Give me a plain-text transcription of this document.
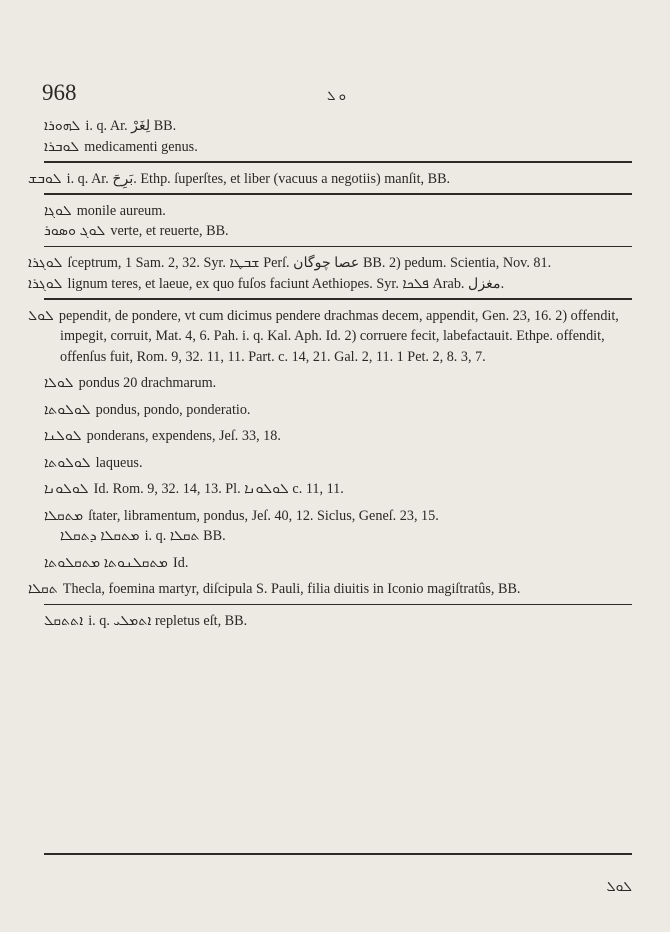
968	ܘ ܠ

ܠܗܘܪܐ i. q. Ar. لِغَرْ BB.

ܠܘܒܪܐ medicamenti genus.

ܠܘܒܫ i. q. Ar. بَرِحَ. Ethp. ſuperſtes, et liber (vacuus a negotiis) manſit, BB.

ܠܘܓܐ monile aureum.

ܠܘܓ ܘܣܘܪ verte, et reuerte, BB.

ܠܘܓܪܐ ſceptrum, 1 Sam. 2, 32. Syr. ܫܒܛܐ Perſ. عصا چوگان BB. 2) pedum. Scientia, Nov. 81.

ܠܘܓܪܐ lignum teres, et laeue, ex quo fuſos faciunt Aethiopes. Syr. ܦܠܟܐ Arab. مغزل.

ܠܘܠ pependit, de pondere, vt cum dicimus pendere drachmas decem, appendit, Gen. 23, 16. 2) offendit, impegit, corruit, Mat. 4, 6. Pah. i. q. Kal. Aph. Id. 2) corruere fecit, labefactauit. Ethpe. offendit, offenſus fuit, Rom. 9, 32. 11, 11. Part. c. 14, 21. Gal. 2, 11. 1 Pet. 2, 8. 3, 7.

ܠܘܠܐ pondus 20 drachmarum.

ܠܘܠܘܬܐ pondus, pondo, ponderatio.

ܠܘܠܢܐ ponderans, expendens, Jeſ. 33, 18.

ܠܘܠܘܬܐ laqueus.

ܠܘܠܘܢܐ Id. Rom. 9, 32. 14, 13. Pl. ܠܘܠܘܢܐ c. 11, 11.

ܡܬܩܠܐ ſtater, libramentum, pondus, Jeſ. 40, 12. Siclus, Geneſ. 23, 15.

ܡܬܩܠܐ ܕܬܩܠܐ i. q. ܬܩܠܐ BB.

ܡܬܩܠܢܘܬܐ ܡܬܩܠܘܬܐ Id.

ܬܩܠܐ Thecla, foemina martyr, diſcipula S. Pauli, filia diuitis in Iconio magiſtratûs, BB.

ܐܬܬܩܠ i. q. ܐܬܡܠܝ repletus eſt, BB.

ܠܘܠ
